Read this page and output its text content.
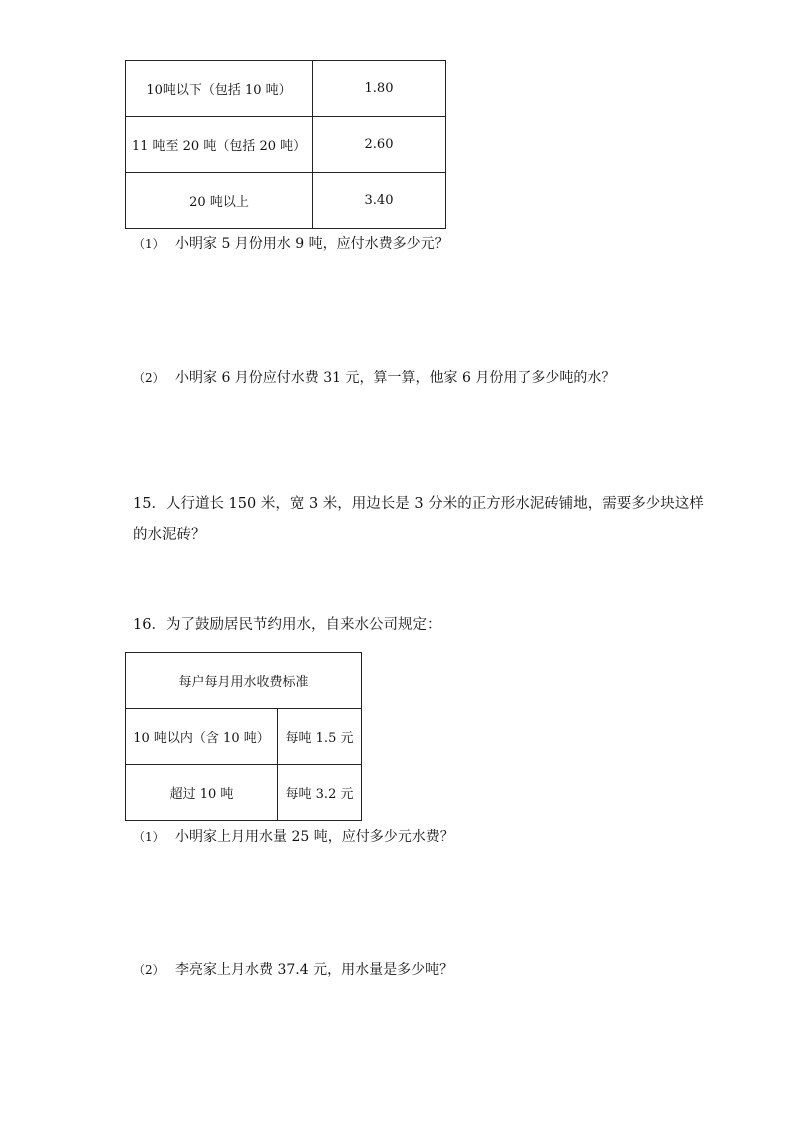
10吨以下（包括 10 吨）	1.80
11 吨至 20 吨（包括 20 吨）	2.60
20 吨以上	3.40
（1） 小明家 5 月份用水 9 吨，应付水费多少元？
（2） 小明家 6 月份应付水费 31 元，算一算，他家 6 月份用了多少吨的水？
15．人行道长 150 米，宽 3 米，用边长是 3 分米的正方形水泥砖铺地，需要多少块这样
的水泥砖？
16．为了鼓励居民节约用水，自来水公司规定：
每户每月用水收费标准	
10 吨以内（含 10 吨）	每吨 1.5 元
超过 10 吨	每吨 3.2 元
（1） 小明家上月用水量 25 吨，应付多少元水费？
（2） 李亮家上月水费 37.4 元，用水量是多少吨？
